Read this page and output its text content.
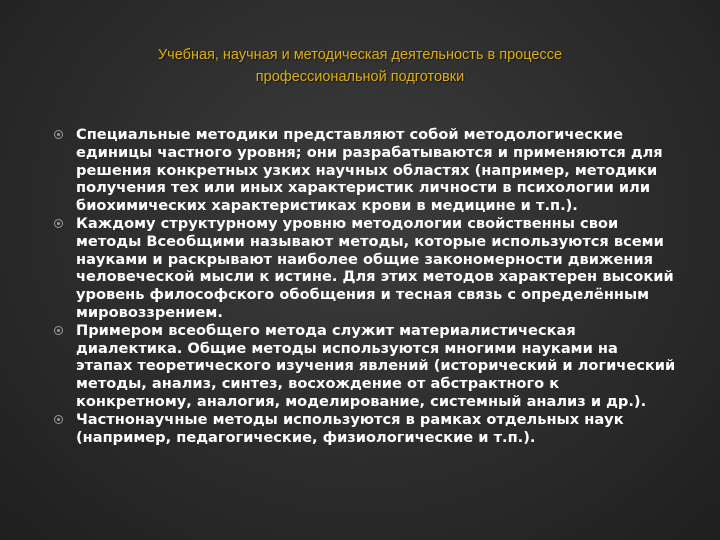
Учебная, научная и методическая деятельность в процессе
профессиональной подготовки
Специальные методики представляют собой методологические единицы частного уровня; они разрабатываются и применяются для решения конкретных узких научных областях (например, методики получения тех или иных характеристик личности в психологии или биохимических характеристиках крови в медицине и т.п.).
Каждому структурному уровню методологии свойственны свои методы Всеобщими называют методы, которые используются всеми науками и раскрывают наиболее общие закономерности движения человеческой мысли к истине. Для этих методов характерен высокий уровень философского обобщения и тесная связь с определённым мировоззрением.
Примером всеобщего метода служит материалистическая диалектика. Общие методы используются многими науками на этапах теоретического изучения явлений (исторический и логический методы, анализ, синтез, восхождение от абстрактного к конкретному, аналогия, моделирование, системный анализ и др.).
Частнонаучные методы используются в рамках отдельных наук (например, педагогические, физиологические и т.п.).
